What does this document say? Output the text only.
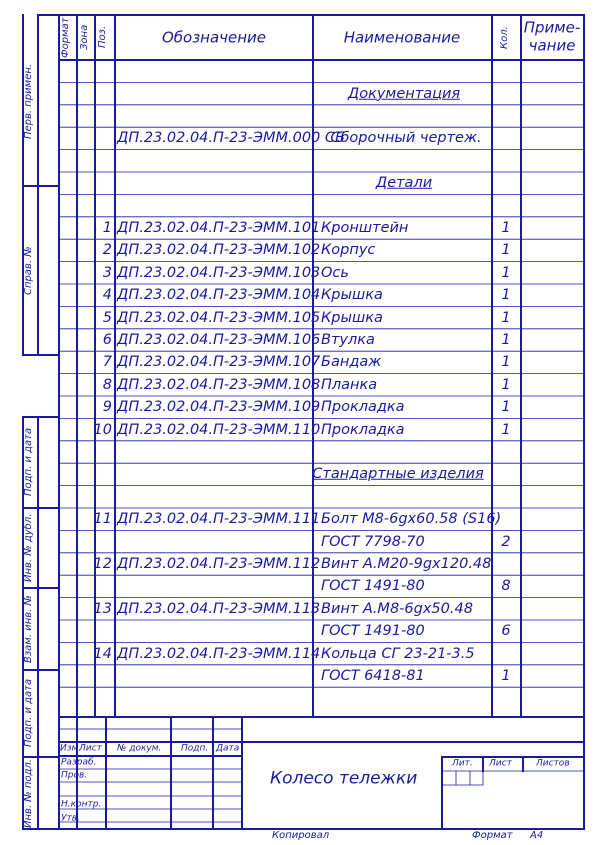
Обозначение	Наименование
Приме-
чание
Формат Зона Поз.	Кол.
Перв. примен.
Справ. №
Подп. и дата
Инв. № дубл.
Взам. инв. №
Подп. и дата
Инв. № подл.
Документация
ДП.23.02.04.П-23-ЭММ.000 СБ
Сборочный чертеж.
Детали
Стандартные изделия
1 ДП.23.02.04.П-23-ЭММ.101 Кронштейн	1
2 ДП.23.02.04.П-23-ЭММ.102 Корпус	1
3 ДП.23.02.04.П-23-ЭММ.103 Ось	1
4 ДП.23.02.04.П-23-ЭММ.104 Крышка	1
5 ДП.23.02.04.П-23-ЭММ.105 Крышка	1
6 ДП.23.02.04.П-23-ЭММ.106 Втулка	1
7 ДП.23.02.04.П-23-ЭММ.107 Бандаж	1
8 ДП.23.02.04.П-23-ЭММ.108 Планка	1
9 ДП.23.02.04.П-23-ЭММ.109 Прокладка	1
10 ДП.23.02.04.П-23-ЭММ.110 Прокладка	1
11 ДП.23.02.04.П-23-ЭММ.111 Болт М8-6gx60.58 (S16)
ГОСТ 7798-70	2
12 ДП.23.02.04.П-23-ЭММ.112 Винт А.М20-9gx120.48
ГОСТ 1491-80	8
13 ДП.23.02.04.П-23-ЭММ.113 Винт А.М8-6gx50.48
ГОСТ 1491-80	6
14 ДП.23.02.04.П-23-ЭММ.114 Кольца СГ 23-21-3.5
ГОСТ 6418-81	1
Изм.
Лист № докум. Подп. Дата
Разраб.
Пров.
Н.контр.
Утв.
Колесо тележки
Лит. Лист	Листов
Копировал	Формат А4
